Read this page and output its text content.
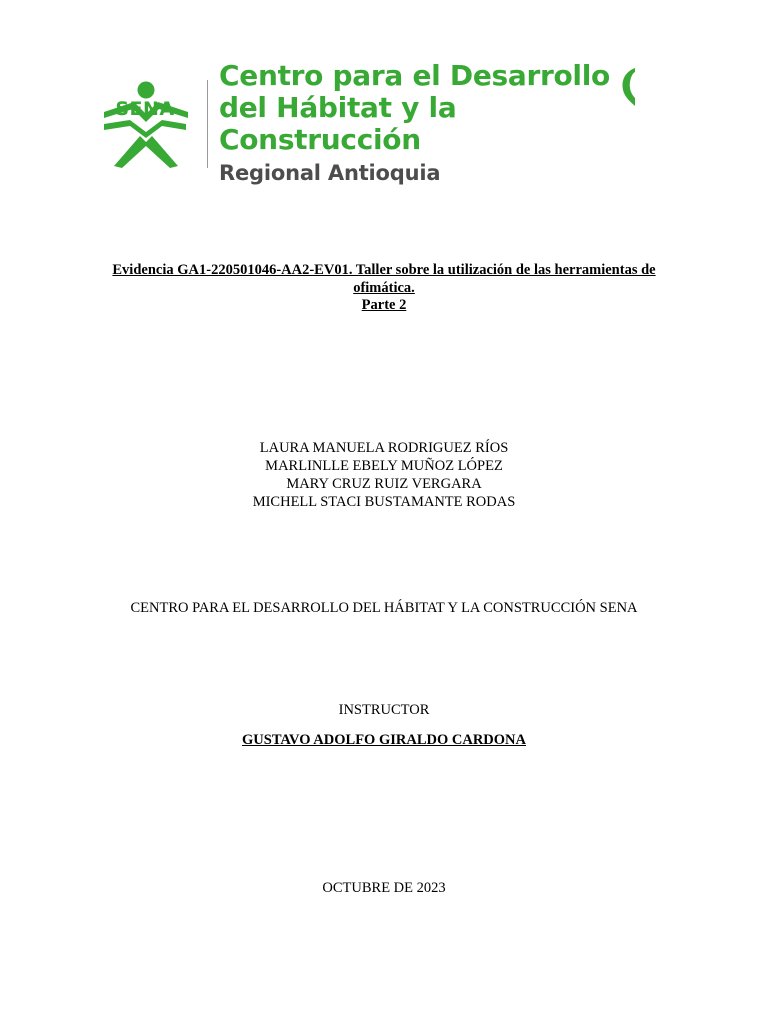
SENA
Centro para el Desarrollo
del Hábitat y la
Construcción
Regional Antioquia
Evidencia GA1-220501046-AA2-EV01. Taller sobre la utilización de las herramientas de
ofimática.
Parte 2
LAURA MANUELA RODRIGUEZ RÍOS
MARLINLLE EBELY MUÑOZ LÓPEZ
MARY CRUZ RUIZ VERGARA
MICHELL STACI BUSTAMANTE RODAS
CENTRO PARA EL DESARROLLO DEL HÁBITAT Y LA CONSTRUCCIÓN SENA
INSTRUCTOR
GUSTAVO ADOLFO GIRALDO CARDONA
OCTUBRE DE 2023
